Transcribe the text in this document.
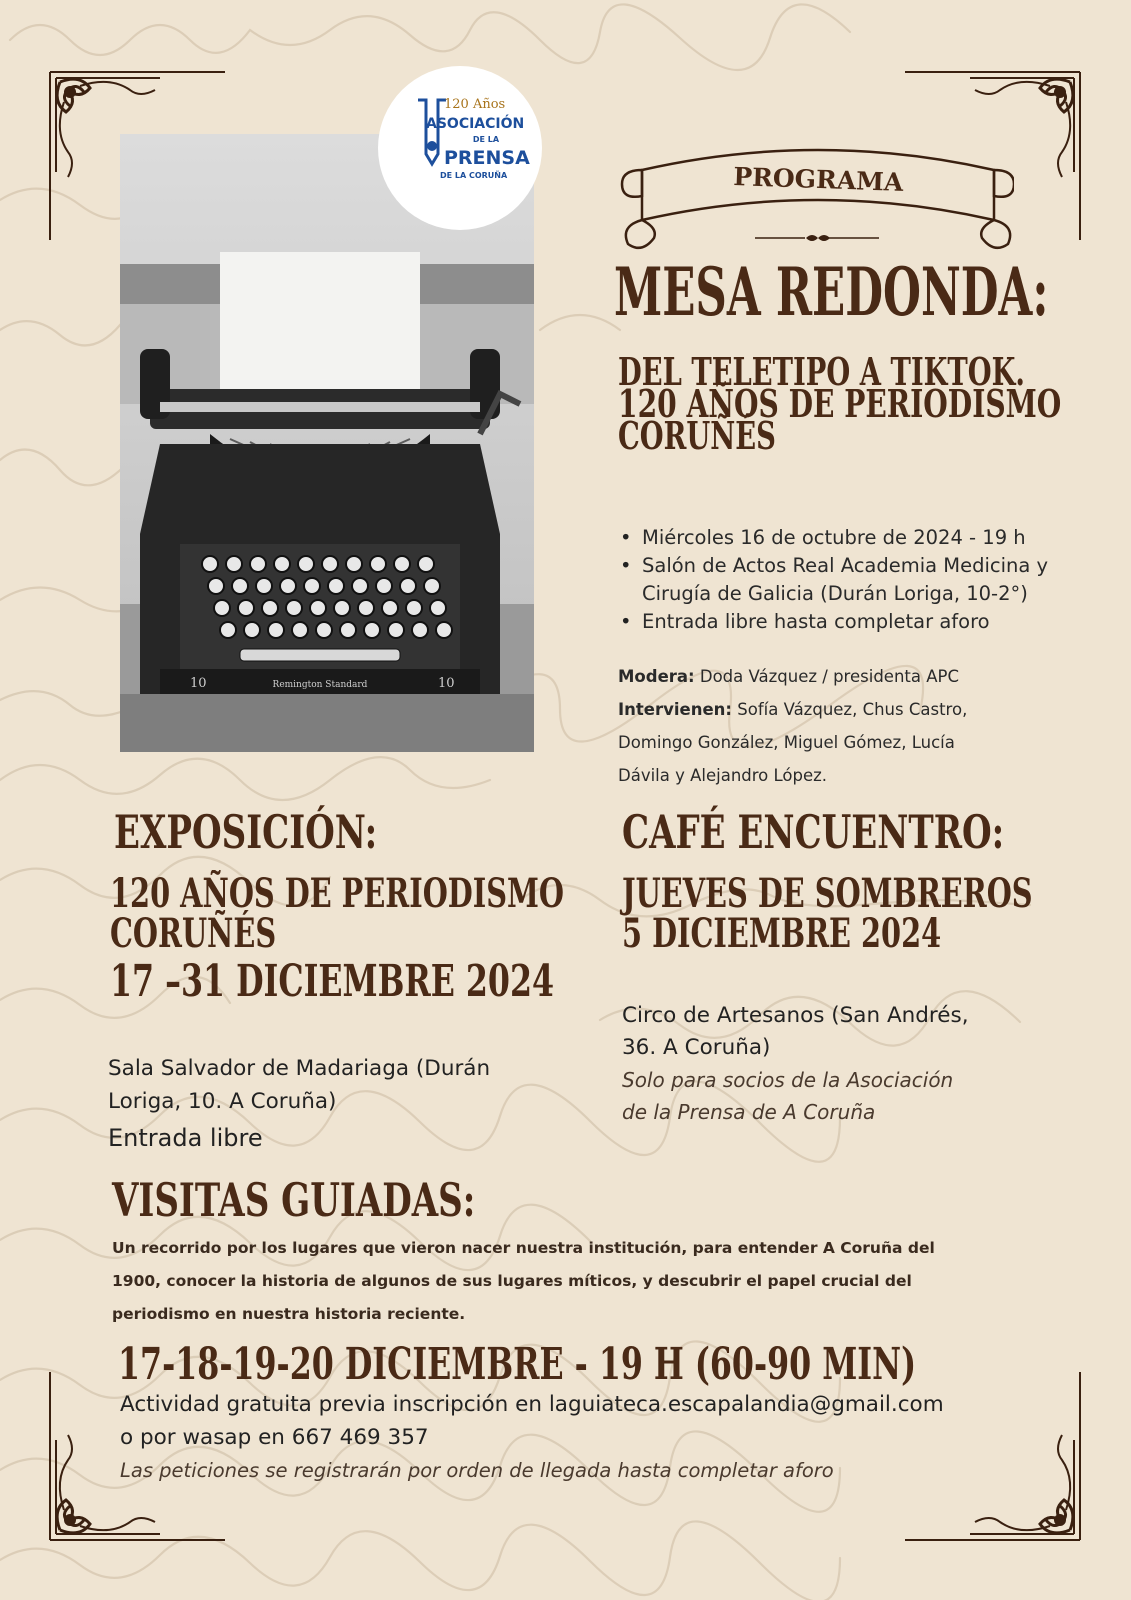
10	Remington Standard	10
120 Años
ASOCIACIÓN
DE LA
PRENSA
DE LA CORUÑA	PROGRAMA
MESA REDONDA:
DEL TELETIPO A TIKTOK.
120 AÑOS DE PERIODISMO
CORUÑÉS
• Miércoles 16 de octubre de 2024 - 19 h
• Salón de Actos Real Academia Medicina y
Cirugía de Galicia (Durán Loriga, 10-2°)
• Entrada libre hasta completar aforo
Modera: Doda Vázquez / presidenta APC
Intervienen: Sofía Vázquez, Chus Castro,
Domingo González, Miguel Gómez, Lucía
Dávila y Alejandro López.
EXPOSICIÓN:
120 AÑOS DE PERIODISMO
CORUÑÉS
17 –31 DICIEMBRE 2024
Sala Salvador de Madariaga (Durán
Loriga, 10. A Coruña)
Entrada libre
CAFÉ ENCUENTRO:
JUEVES DE SOMBREROS
5 DICIEMBRE 2024
Circo de Artesanos (San Andrés,
36. A Coruña)
Solo para socios de la Asociación
de la Prensa de A Coruña
VISITAS GUIADAS:
Un recorrido por los lugares que vieron nacer nuestra institución, para entender A Coruña del
1900, conocer la historia de algunos de sus lugares míticos, y descubrir el papel crucial del
periodismo en nuestra historia reciente.
17-18-19-20 DICIEMBRE - 19 H (60-90 MIN)
Actividad gratuita previa inscripción en laguiateca.escapalandia@gmail.com
o por wasap en 667 469 357
Las peticiones se registrarán por orden de llegada hasta completar aforo
